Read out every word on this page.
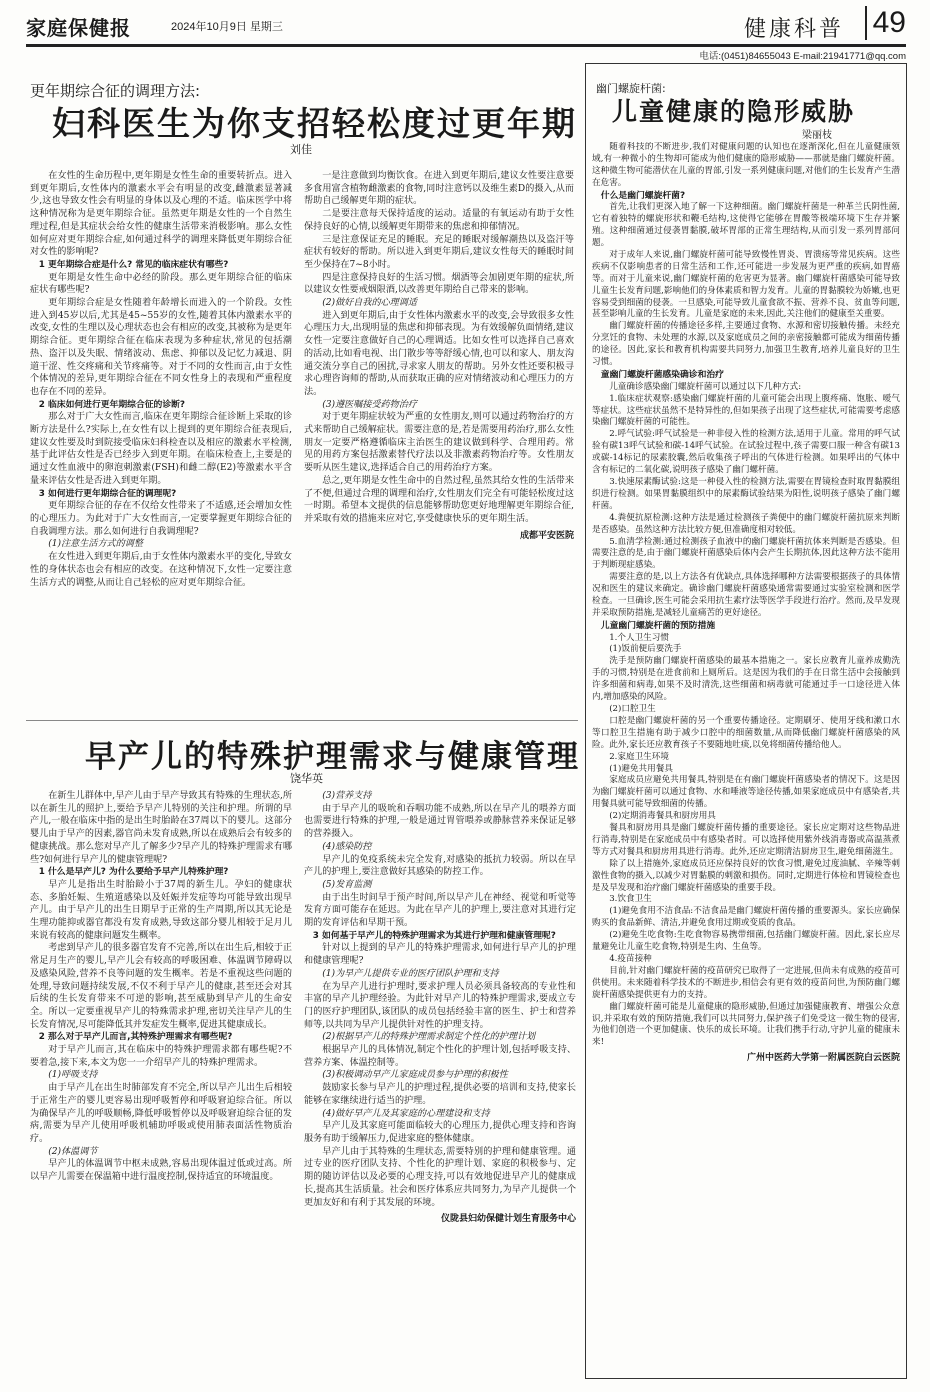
家庭保健报	2024年10月9日 星期三	健康科普 49
电话:(0451)84655043 E-mail:21941771@qq.com
更年期综合征的调理方法:
妇科医生为你支招轻松度过更年期
刘佳

在女性的生命历程中,更年期是女性生命的重要转折点。进入到更年期后,女性体内的激素水平会有明显的改变,雌激素显著减少,这也导致女性会有明显的身体以及心理的不适。临床医学中将这种情况称为是更年期综合征。虽然更年期是女性的一个自然生理过程,但是其症状会给女性的健康生活带来消极影响。那么女性如何应对更年期综合症,如何通过科学的调理来降低更年期综合征对女性的影响呢?

1 更年期综合症是什么? 常见的临床症状有哪些?

更年期是女性生命中必经的阶段。那么更年期综合征的临床症状有哪些呢?

更年期综合症是女性随着年龄增长而进入的一个阶段。女性进入到45岁以后,尤其是45~55岁的女性,随着其体内激素水平的改变,女性的生理以及心理状态也会有相应的改变,其被称为是更年期综合征。更年期综合征在临床表现为多种症状,常见的包括潮热、盗汗以及失眠、情绪波动、焦虑、抑郁以及记忆力减退、阴道干涩、性交疼痛和关节疼痛等。对于不同的女性而言,由于女性个体情况的差异,更年期综合征在不同女性身上的表现和严重程度也存在不同的差异。

2 临床如何进行更年期综合征的诊断?

那么对于广大女性而言,临床在更年期综合征诊断上采取的诊断方法是什么?实际上,在女性有以上提到的更年期综合征表现后,建议女性要及时到院接受临床妇科检查以及相应的激素水平检测,基于此评估女性是否已经步入到更年期。在临床检查上,主要是的通过女性血液中的卵泡刺激素(FSH)和雌二醇(E2)等激素水平含量来评估女性是否进入到更年期。

3 如何进行更年期综合征的调理呢?

更年期综合征的存在不仅给女性带来了不适感,还会增加女性的心理压力。为此对于广大女性而言,一定要掌握更年期综合征的自我调理方法。那么如何进行自我调理呢?

(1)注意生活方式的调整

在女性进入到更年期后,由于女性体内激素水平的变化,导致女性的身体状态也会有相应的改变。在这种情况下,女性一定要注意生活方式的调整,从而让自己轻松的应对更年期综合征。

一是注意做到均衡饮食。在进入到更年期后,建议女性要注意要多食用富含植物雌激素的食物,同时注意钙以及维生素D的摄入,从而帮助自己缓解更年期的症状。

二是要注意每天保持适度的运动。适量的有氧运动有助于女性保持良好的心情,以缓解更年期带来的焦虑和抑郁情况。

三是注意保证充足的睡眠。充足的睡眠对缓解潮热以及盗汗等症状有较好的帮助。所以进入到更年期后,建议女性每天的睡眠时间至少保持在7~8小时。

四是注意保持良好的生活习惯。烟酒等会加剧更年期的症状,所以建议女性要戒烟限酒,以改善更年期给自己带来的影响。

(2)做好自我的心理调适

进入到更年期后,由于女性体内激素水平的改变,会导致很多女性心理压力大,出现明显的焦虑和抑郁表现。为有效缓解负面情绪,建议女性一定要注意做好自己的心理调适。比如女性可以选择自己喜欢的活动,比如看电视、出门散步等等舒缓心情,也可以和家人、朋友沟通交流分享自己的困扰,寻求家人朋友的帮助。另外女性还要积极寻求心理咨询师的帮助,从而获取正确的应对情绪波动和心理压力的方法。

(3)遵医嘱接受药物治疗

对于更年期症状较为严重的女性朋友,则可以通过药物治疗的方式来帮助自己缓解症状。需要注意的是,若是需要用药治疗,那么女性朋友一定要严格遵循临床主治医生的建议做到科学、合理用药。常见的用药方案包括激素替代疗法以及非激素药物治疗等。女性朋友要听从医生建议,选择适合自己的用药治疗方案。

总之,更年期是女性生命中的自然过程,虽然其给女性的生活带来了不便,但通过合理的调理和治疗,女性朋友们完全有可能轻松度过这一时期。希望本文提供的信息能够帮助您更好地理解更年期综合征,并采取有效的措施来应对它,享受健康快乐的更年期生活。

成都平安医院

早产儿的特殊护理需求与健康管理
饶华英

在新生儿群体中,早产儿由于早产导致其有特殊的生理状态,所以在新生儿的照护上,要给予早产儿特别的关注和护理。所谓的早产儿,一般在临床中指的是出生时胎龄在37周以下的婴儿。这部分婴儿由于早产的因素,器官尚未发育成熟,所以在成熟后会有较多的健康挑战。那么您对早产儿了解多少?早产儿的特殊护理需求有哪些?如何进行早产儿的健康管理呢?

1 什么是早产儿? 为什么要给予早产儿特殊护理?

早产儿是指出生时胎龄小于37周的新生儿。孕妇的健康状态、多胎妊娠、生殖道感染以及妊娠并发症等均可能导致出现早产儿。由于早产儿的出生日期早于正常的生产周期,所以其无论是生理功能抑或器官都没有发育成熟,导致这部分婴儿相较于足月儿来说有较高的健康问题发生概率。

考虑到早产儿的很多器官发育不完善,所以在出生后,相较于正常足月生产的婴儿,早产儿会有较高的呼吸困难、体温调节障碍以及感染风险,营养不良等问题的发生概率。若是不重视这些问题的处理,导致问题持续发展,不仅不利于早产儿的健康,甚至还会对其后续的生长发育带来不可逆的影响,甚至威胁到早产儿的生命安全。所以一定要重视早产儿的特殊需求护理,密切关注早产儿的生长发育情况,尽可能降低其并发症发生概率,促进其健康成长。

2 那么对于早产儿而言,其特殊护理需求有哪些呢?

对于早产儿而言,其在临床中的特殊护理需求都有哪些呢?不要着急,接下来,本文为您一一介绍早产儿的特殊护理需求。

(1)呼吸支持

由于早产儿在出生时肺部发育不完全,所以早产儿出生后相较于正常生产的婴儿更容易出现呼吸暂停和呼吸窘迫综合征。所以为确保早产儿的呼吸顺畅,降低呼吸暂停以及呼吸窘迫综合征的发病,需要为早产儿使用呼吸机辅助呼吸或使用肺表面活性物质治疗。

(2)体温调节

早产儿的体温调节中枢未成熟,容易出现体温过低或过高。所以早产儿需要在保温箱中进行温度控制,保持适宜的环境温度。

(3)营养支持

由于早产儿的吸吮和吞咽功能不成熟,所以在早产儿的喂养方面也需要进行特殊的护理,一般是通过胃管喂养或静脉营养来保证足够的营养摄入。

(4)感染防控

早产儿的免疫系统未完全发育,对感染的抵抗力较弱。所以在早产儿的护理上,要注意做好其感染的防控工作。

(5)发育监测

由于出生时间早于预产时间,所以早产儿在神经、视觉和听觉等发育方面可能存在延迟。为此在早产儿的护理上,要注意对其进行定期的发育评估和早期干预。

3 如何基于早产儿的特殊护理需求为其进行护理和健康管理呢?

针对以上提到的早产儿的特殊护理需求,如何进行早产儿的护理和健康管理呢?

(1)为早产儿提供专业的医疗团队护理和支持

在为早产儿进行护理时,要求护理人员必须具备较高的专业性和丰富的早产儿护理经验。为此针对早产儿的特殊护理需求,要成立专门的医疗护理团队,该团队的成员包括经验丰富的医生、护士和营养师等,以共同为早产儿提供针对性的护理支持。

(2)根据早产儿的特殊护理需求制定个性化的护理计划

根据早产儿的具体情况,制定个性化的护理计划,包括呼吸支持、营养方案、体温控制等。

(3)积极调动早产儿家庭成员参与护理的积极性

鼓励家长参与早产儿的护理过程,提供必要的培训和支持,使家长能够在家继续进行适当的护理。

(4)做好早产儿及其家庭的心理建设和支持

早产儿及其家庭可能面临较大的心理压力,提供心理支持和咨询服务有助于缓解压力,促进家庭的整体健康。

早产儿由于其特殊的生理状态,需要特别的护理和健康管理。通过专业的医疗团队支持、个性化的护理计划、家庭的积极参与、定期的随访评估以及必要的心理支持,可以有效地促进早产儿的健康成长,提高其生活质量。社会和医疗体系应共同努力,为早产儿提供一个更加友好和有利于其发展的环境。

仪陇县妇幼保健计划生育服务中心

幽门螺旋杆菌:
儿童健康的隐形威胁
梁丽枝

随着科技的不断进步,我们对健康问题的认知也在逐渐深化,但在儿童健康领域,有一种微小的生物却可能成为他们健康的隐形威胁——那就是幽门螺旋杆菌。这种微生物可能潜伏在儿童的胃部,引发一系列健康问题,对他们的生长发育产生潜在危害。

什么是幽门螺旋杆菌?

首先,让我们更深入地了解一下这种细菌。幽门螺旋杆菌是一种革兰氏阴性菌,它有着独特的螺旋形状和鞭毛结构,这使得它能够在胃酸等极端环境下生存并繁殖。这种细菌通过侵袭胃黏膜,破坏胃部的正常生理结构,从而引发一系列胃部问题。

对于成年人来说,幽门螺旋杆菌可能导致慢性胃炎、胃溃疡等常见疾病。这些疾病不仅影响患者的日常生活和工作,还可能进一步发展为更严重的疾病,如胃癌等。而对于儿童来说,幽门螺旋杆菌的危害更为显著。幽门螺旋杆菌感染可能导致儿童生长发育问题,影响他们的身体素质和智力发育。儿童的胃黏膜较为娇嫩,也更容易受到细菌的侵袭。一旦感染,可能导致儿童食欲不振、营养不良、贫血等问题,甚至影响儿童的生长发育。儿童是家庭的未来,因此,关注他们的健康至关重要。

幽门螺旋杆菌的传播途径多样,主要通过食物、水源和密切接触传播。未经充分烹饪的食物、未处理的水源,以及家庭成员之间的亲密接触都可能成为细菌传播的途径。因此,家长和教育机构需要共同努力,加强卫生教育,培养儿童良好的卫生习惯。

童幽门螺旋杆菌感染确诊和治疗

儿童确诊感染幽门螺旋杆菌可以通过以下几种方式:

1.临床症状观察:感染幽门螺旋杆菌的儿童可能会出现上腹疼痛、饱胀、嗳气等症状。这些症状虽然不是特异性的,但如果孩子出现了这些症状,可能需要考虑感染幽门螺旋杆菌的可能性。

2.呼气试验:呼气试验是一种非侵入性的检测方法,适用于儿童。常用的呼气试验有碳13呼气试验和碳-14呼气试验。在试验过程中,孩子需要口服一种含有碳13或碳-14标记的尿素胶囊,然后收集孩子呼出的气体进行检测。如果呼出的气体中含有标记的二氧化碳,说明孩子感染了幽门螺杆菌。

3.快速尿素酶试验:这是一种侵入性的检测方法,需要在胃镜检查时取胃黏膜组织进行检测。如果胃黏膜组织中的尿素酶试验结果为阳性,说明孩子感染了幽门螺杆菌。

4.粪便抗原检测:这种方法是通过检测孩子粪便中的幽门螺旋杆菌抗原来判断是否感染。虽然这种方法比较方便,但准确度相对较低。

5.血清学检测:通过检测孩子血液中的幽门螺旋杆菌抗体来判断是否感染。但需要注意的是,由于幽门螺旋杆菌感染后体内会产生长期抗体,因此这种方法不能用于判断现症感染。

需要注意的是,以上方法各有优缺点,具体选择哪种方法需要根据孩子的具体情况和医生的建议来确定。确诊幽门螺旋杆菌感染通常需要通过实验室检测和医学检查。一旦确诊,医生可能会采用抗生素疗法等医学手段进行治疗。然而,及早发现并采取预防措施,是减轻儿童痛苦的更好途径。

儿童幽门螺旋杆菌的预防措施

1.个人卫生习惯

(1)饭前便后要洗手

洗手是预防幽门螺旋杆菌感染的最基本措施之一。家长应教育儿童养成勤洗手的习惯,特别是在进食前和上厕所后。这是因为我们的手在日常生活中会接触到许多细菌和病毒,如果不及时清洗,这些细菌和病毒就可能通过手一口途径进入体内,增加感染的风险。

(2)口腔卫生

口腔是幽门螺旋杆菌的另一个重要传播途径。定期刷牙、使用牙线和漱口水等口腔卫生措施有助于减少口腔中的细菌数量,从而降低幽门螺旋杆菌感染的风险。此外,家长还应教育孩子不要随地吐痰,以免将细菌传播给他人。

2.家庭卫生环境

(1)避免共用餐具

家庭成员应避免共用餐具,特别是在有幽门螺旋杆菌感染者的情况下。这是因为幽门螺旋杆菌可以通过食物、水和唾液等途径传播,如果家庭成员中有感染者,共用餐具就可能导致细菌的传播。

(2)定期消毒餐具和厨房用具

餐具和厨房用具是幽门螺旋杆菌传播的重要途径。家长应定期对这些物品进行消毒,特别是在家庭成员中有感染者时。可以选择使用紫外线消毒器或高温蒸煮等方式对餐具和厨房用具进行消毒。此外,还应定期清洁厨房卫生,避免细菌滋生。

除了以上措施外,家庭成员还应保持良好的饮食习惯,避免过度油腻、辛辣等刺激性食物的摄入,以减少对胃黏膜的刺激和损伤。同时,定期进行体检和胃镜检查也是及早发现和治疗幽门螺旋杆菌感染的重要手段。

3.饮食卫生

(1)避免食用不洁食品:不洁食品是幽门螺旋杆菌传播的重要源头。家长应确保购买的食品新鲜、清洁,并避免食用过期或变质的食品。

(2)避免生吃食物:生吃食物容易携带细菌,包括幽门螺旋杆菌。因此,家长应尽量避免让儿童生吃食物,特别是生肉、生鱼等。

4.疫苗接种

目前,针对幽门螺旋杆菌的疫苗研究已取得了一定进展,但尚未有成熟的疫苗可供使用。未来随着科学技术的不断进步,相信会有更有效的疫苗问世,为预防幽门螺旋杆菌感染提供更有力的支持。

幽门螺旋杆菌可能是儿童健康的隐形威胁,但通过加强健康教育、增强公众意识,并采取有效的预防措施,我们可以共同努力,保护孩子们免受这一微生物的侵害,为他们创造一个更加健康、快乐的成长环境。让我们携手行动,守护儿童的健康未来!

广州中医药大学第一附属医院白云医院
